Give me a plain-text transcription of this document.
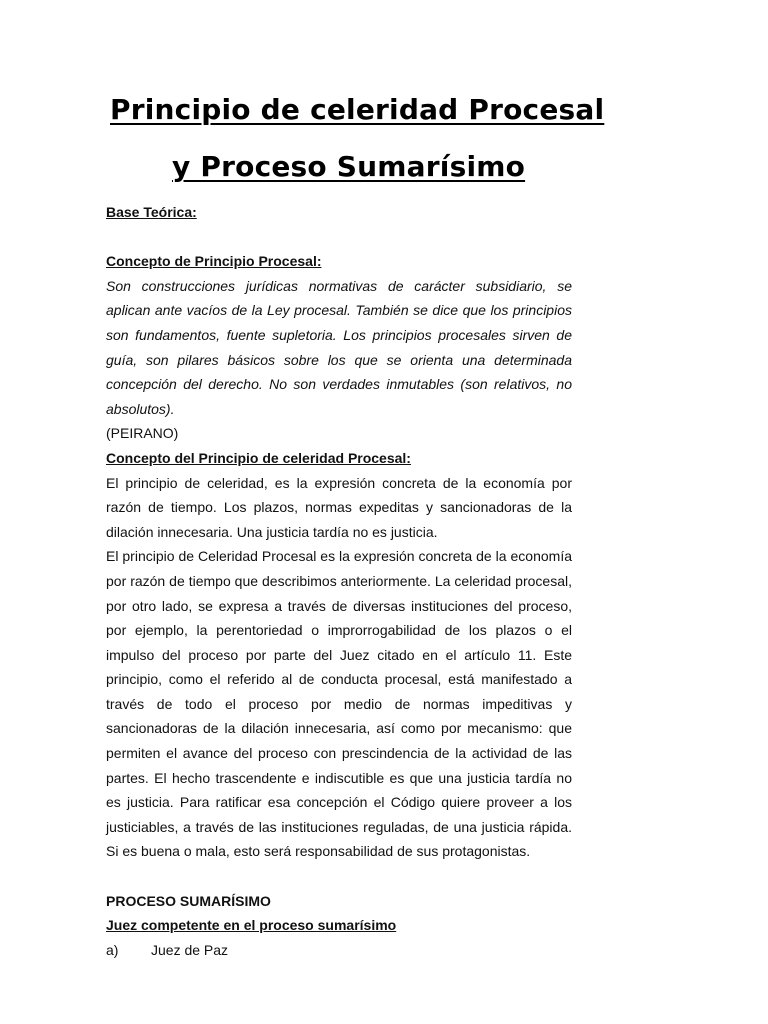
Principio de celeridad Procesal
y Proceso Sumarísimo

Base Teórica:

Concepto de Principio Procesal:

Son construcciones jurídicas normativas de carácter subsidiario, se aplican ante vacíos de la Ley procesal. También se dice que los principios son fundamentos, fuente supletoria. Los principios procesales sirven de guía, son pilares básicos sobre los que se orienta una determinada concepción del derecho. No son verdades inmutables (son relativos, no absolutos).

(PEIRANO)

Concepto del Principio de celeridad Procesal:

El principio de celeridad, es la expresión concreta de la economía por razón de tiempo. Los plazos, normas expeditas y sancionadoras de la dilación innecesaria. Una justicia tardía no es justicia.

El principio de Celeridad Procesal es la expresión concreta de la economía por razón de tiempo que describimos anteriormente. La celeridad procesal, por otro lado, se expresa a través de diversas instituciones del proceso, por ejemplo, la perentoriedad o improrrogabilidad de los plazos o el impulso del proceso por parte del Juez citado en el artículo 11. Este principio, como el referido al de conducta procesal, está manifestado a través de todo el proceso por medio de normas impeditivas y sancionadoras de la dilación innecesaria, así como por mecanismo: que permiten el avance del proceso con prescindencia de la actividad de las partes. El hecho trascendente e indiscutible es que una justicia tardía no es justicia. Para ratificar esa concepción el Código quiere proveer a los justiciables, a través de las instituciones reguladas, de una justicia rápida. Si es buena o mala, esto será responsabilidad de sus protagonistas.

PROCESO SUMARÍSIMO

Juez competente en el proceso sumarísimo

a)	Juez de Paz
